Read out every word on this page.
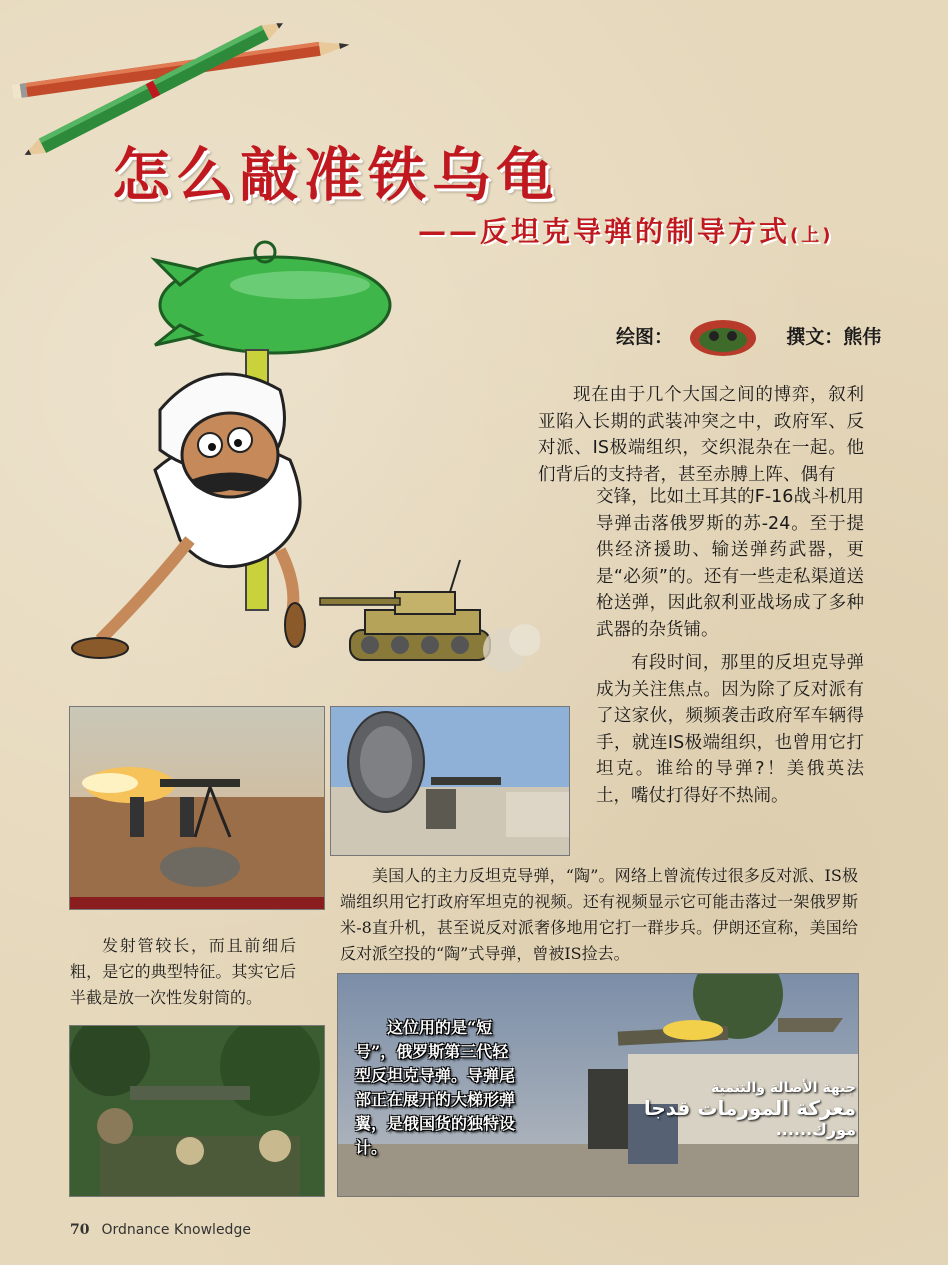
怎么敲准铁乌龟
——反坦克导弹的制导方式(上)
绘图：	撰文：熊伟
现在由于几个大国之间的博弈，叙利亚陷入长期的武装冲突之中，政府军、反对派、IS极端组织，交织混杂在一起。他们背后的支持者，甚至赤膊上阵、偶有
交锋，比如土耳其的F-16战斗机用导弹击落俄罗斯的苏-24。至于提供经济援助、输送弹药武器，更是“必须”的。还有一些走私渠道送枪送弹，因此叙利亚战场成了多种武器的杂货铺。
有段时间，那里的反坦克导弹成为关注焦点。因为除了反对派有了这家伙，频频袭击政府军车辆得手，就连IS极端组织，也曾用它打坦克。谁给的导弹?！美俄英法土，嘴仗打得好不热闹。
这位用的是“短号”，俄罗斯第三代轻型反坦克导弹。导弹尾部正在展开的大梯形弹翼，是俄国货的独特设计。
جبهة الأصالة والتنمية
معركة المورمات قدجا
مورك......
美国人的主力反坦克导弹，“陶”。网络上曾流传过很多反对派、IS极端组织用它打政府军坦克的视频。还有视频显示它可能击落过一架俄罗斯米-8直升机，甚至说反对派奢侈地用它打一群步兵。伊朗还宣称，美国给反对派空投的“陶”式导弹，曾被IS捡去。
发射管较长，而且前细后粗，是它的典型特征。其实它后半截是放一次性发射筒的。
70 Ordnance Knowledge
